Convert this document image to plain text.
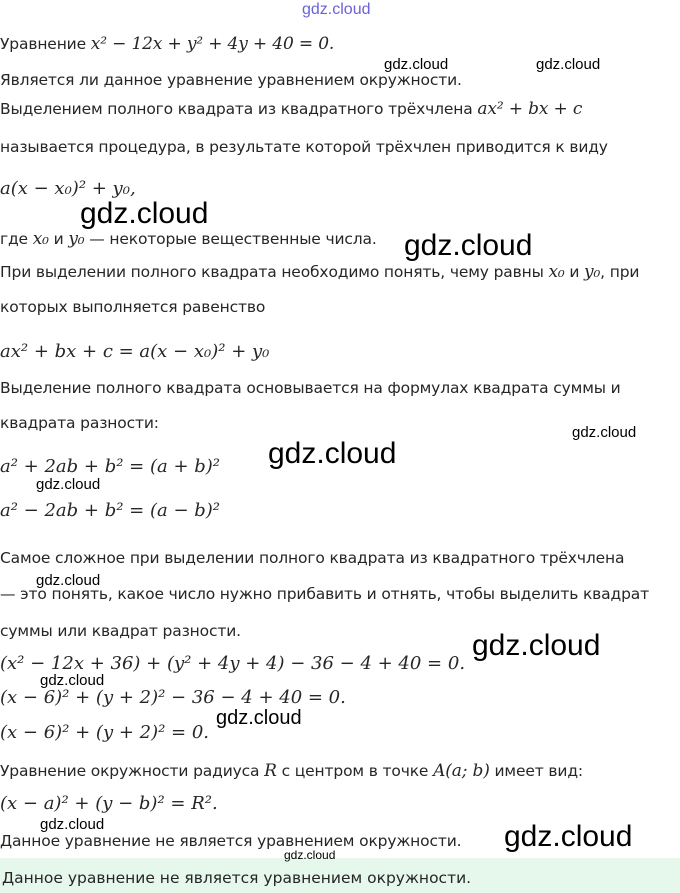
gdz.cloud
Уравнение x² − 12x + y² + 4y + 40 = 0.
Является ли данное уравнение уравнением окружности.
Выделением полного квадрата из квадратного трёхчлена ax² + bx + c
называется процедура, в результате которой трёхчлен приводится к виду
a(x − x₀)² + y₀,
где x₀ и y₀ — некоторые вещественные числа.
При выделении полного квадрата необходимо понять, чему равны x₀ и y₀, при
которых выполняется равенство
ax² + bx + c = a(x − x₀)² + y₀
Выделение полного квадрата основывается на формулах квадрата суммы и
квадрата разности:
a² + 2ab + b² = (a + b)²
a² − 2ab + b² = (a − b)²
Самое сложное при выделении полного квадрата из квадратного трёхчлена
— это понять, какое число нужно прибавить и отнять, чтобы выделить квадрат
суммы или квадрат разности.
(x² − 12x + 36) + (y² + 4y + 4) − 36 − 4 + 40 = 0.
(x − 6)² + (y + 2)² − 36 − 4 + 40 = 0.
(x − 6)² + (y + 2)² = 0.
Уравнение окружности радиуса R с центром в точке A(a; b) имеет вид:
(x − a)² + (y − b)² = R².
Данное уравнение не является уравнением окружности.
Данное уравнение не является уравнением окружности.
gdz.cloud	gdz.cloud
gdz.cloud
gdz.cloud
gdz.cloud
gdz.cloud
gdz.cloud
gdz.cloud
gdz.cloud
gdz.cloud
gdz.cloud
gdz.cloud	gdz.cloud
gdz.cloud
